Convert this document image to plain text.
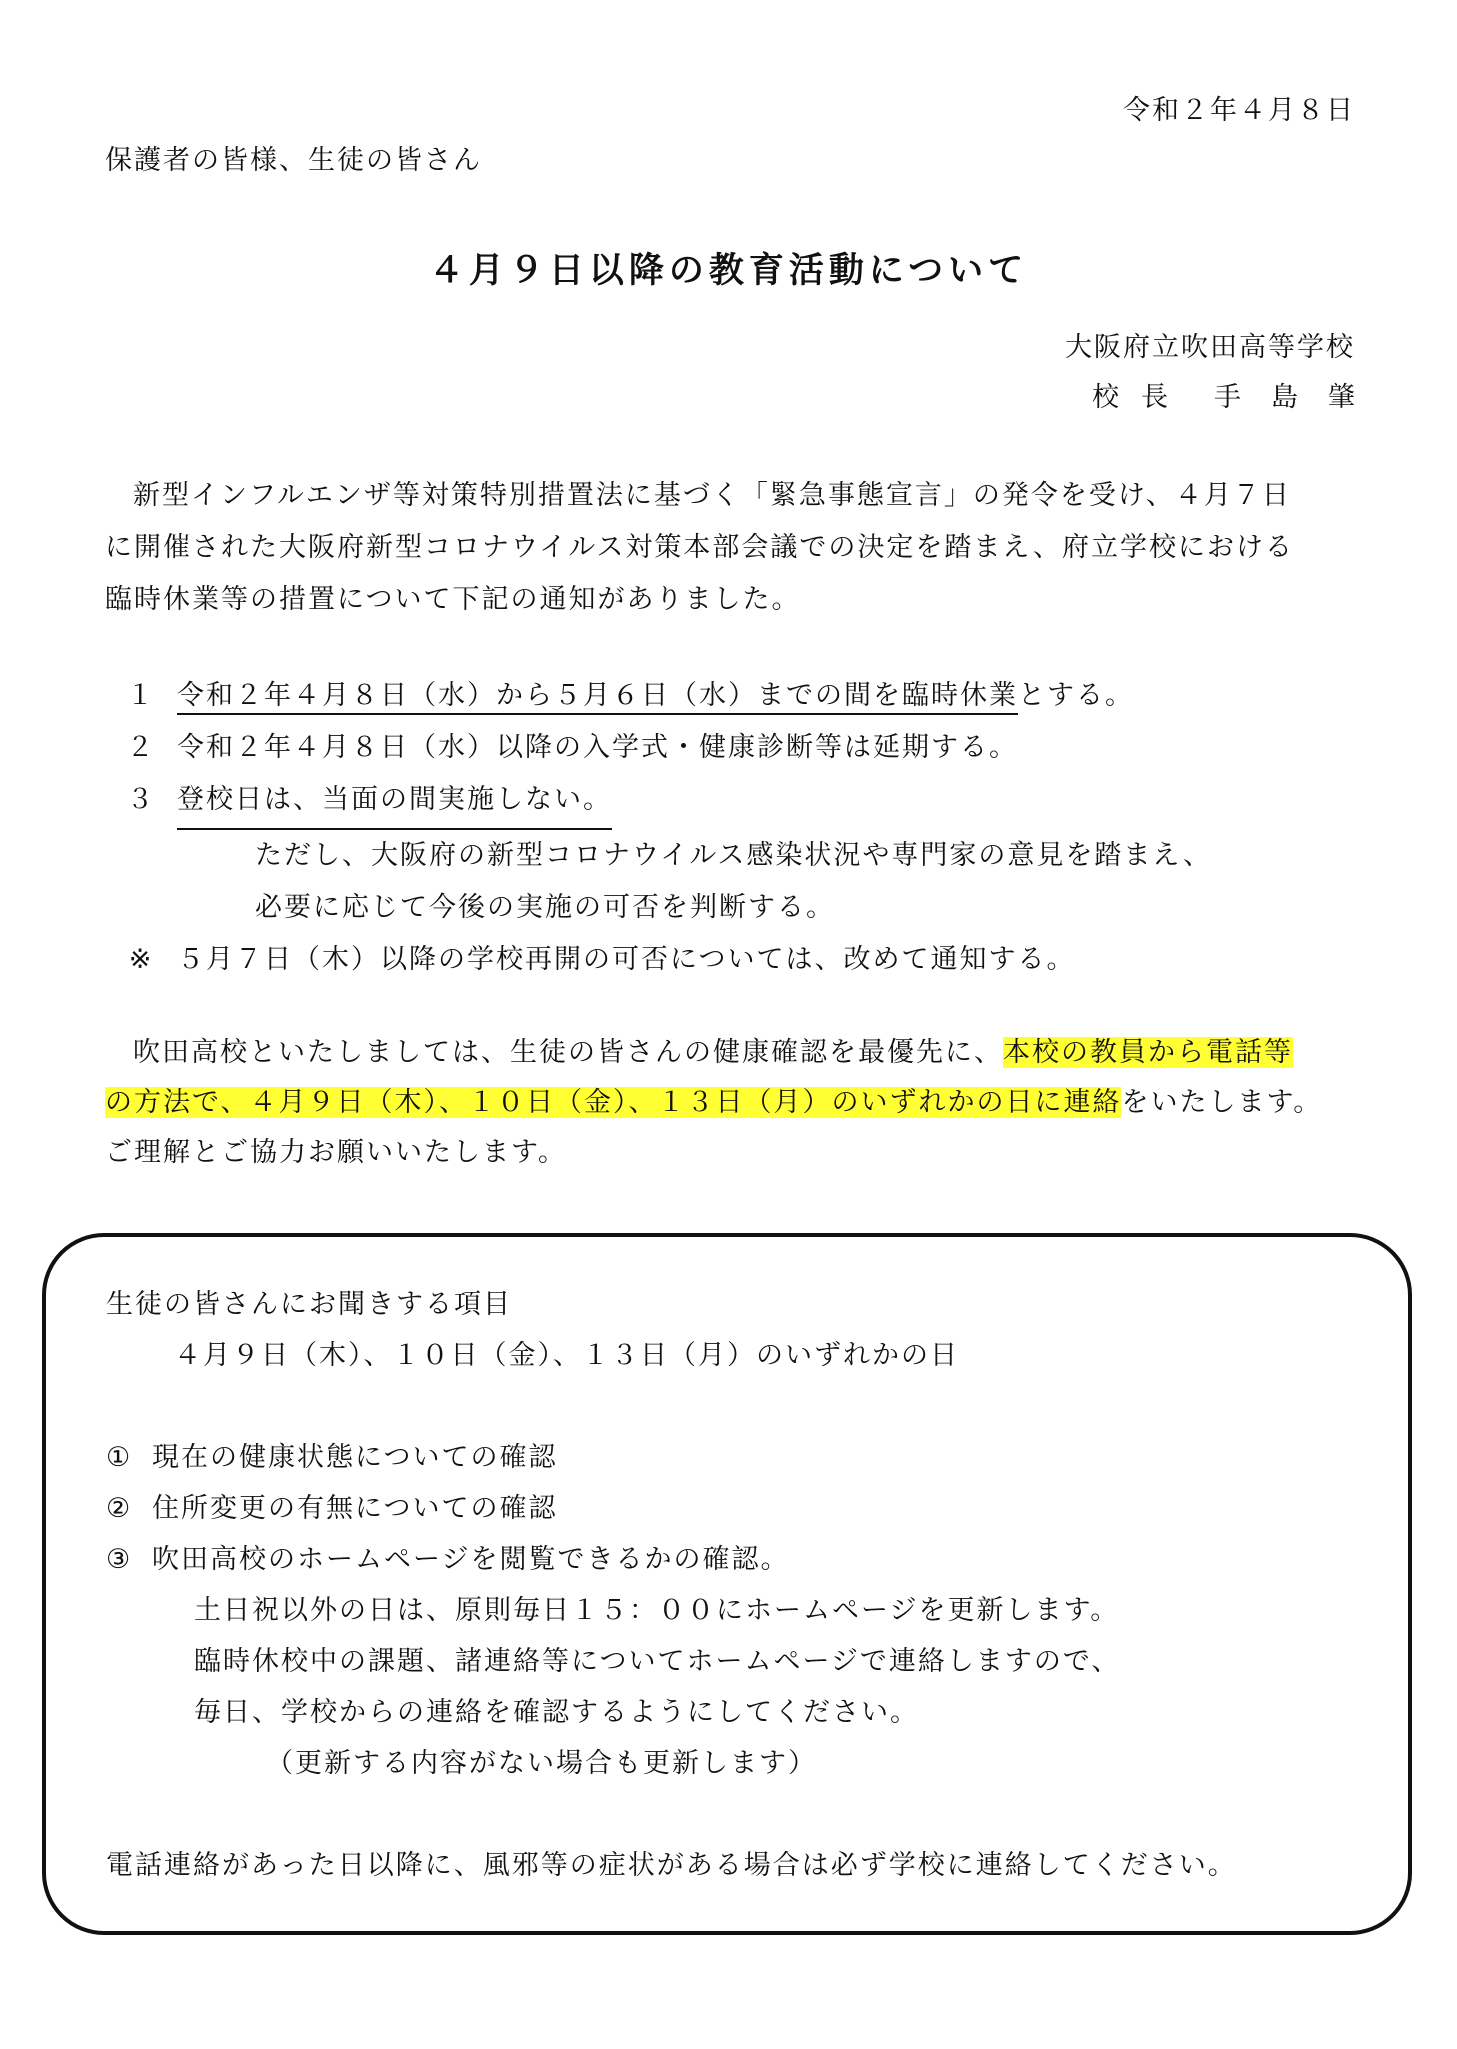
令和２年４月８日
保護者の皆様、生徒の皆さん
４月９日以降の教育活動について
大阪府立吹田高等学校
校長 手島肇

新型インフルエンザ等対策特別措置法に基づく「緊急事態宣言」の発令を受け、４月７日

に開催された大阪府新型コロナウイルス対策本部会議での決定を踏まえ、府立学校における

臨時休業等の措置について下記の通知がありました。

１ 令和２年４月８日（水）から５月６日（水）までの間を臨時休業とする。
２ 令和２年４月８日（水）以降の入学式・健康診断等は延期する。
３ 登校日は、当面の間実施しない。
ただし、大阪府の新型コロナウイルス感染状況や専門家の意見を踏まえ、
必要に応じて今後の実施の可否を判断する。
※ ５月７日（木）以降の学校再開の可否については、改めて通知する。

吹田高校といたしましては、生徒の皆さんの健康確認を最優先に、本校の教員から電話等

の方法で、４月９日（木）、１０日（金）、１３日（月）のいずれかの日に連絡をいたします。

ご理解とご協力お願いいたします。

生徒の皆さんにお聞きする項目

４月９日（木）、１０日（金）、１３日（月）のいずれかの日

① 現在の健康状態についての確認
② 住所変更の有無についての確認
③ 吹田高校のホームページを閲覧できるかの確認。

土日祝以外の日は、原則毎日１５：００にホームページを更新します。

臨時休校中の課題、諸連絡等についてホームページで連絡しますので、

毎日、学校からの連絡を確認するようにしてください。

（更新する内容がない場合も更新します）

電話連絡があった日以降に、風邪等の症状がある場合は必ず学校に連絡してください。
